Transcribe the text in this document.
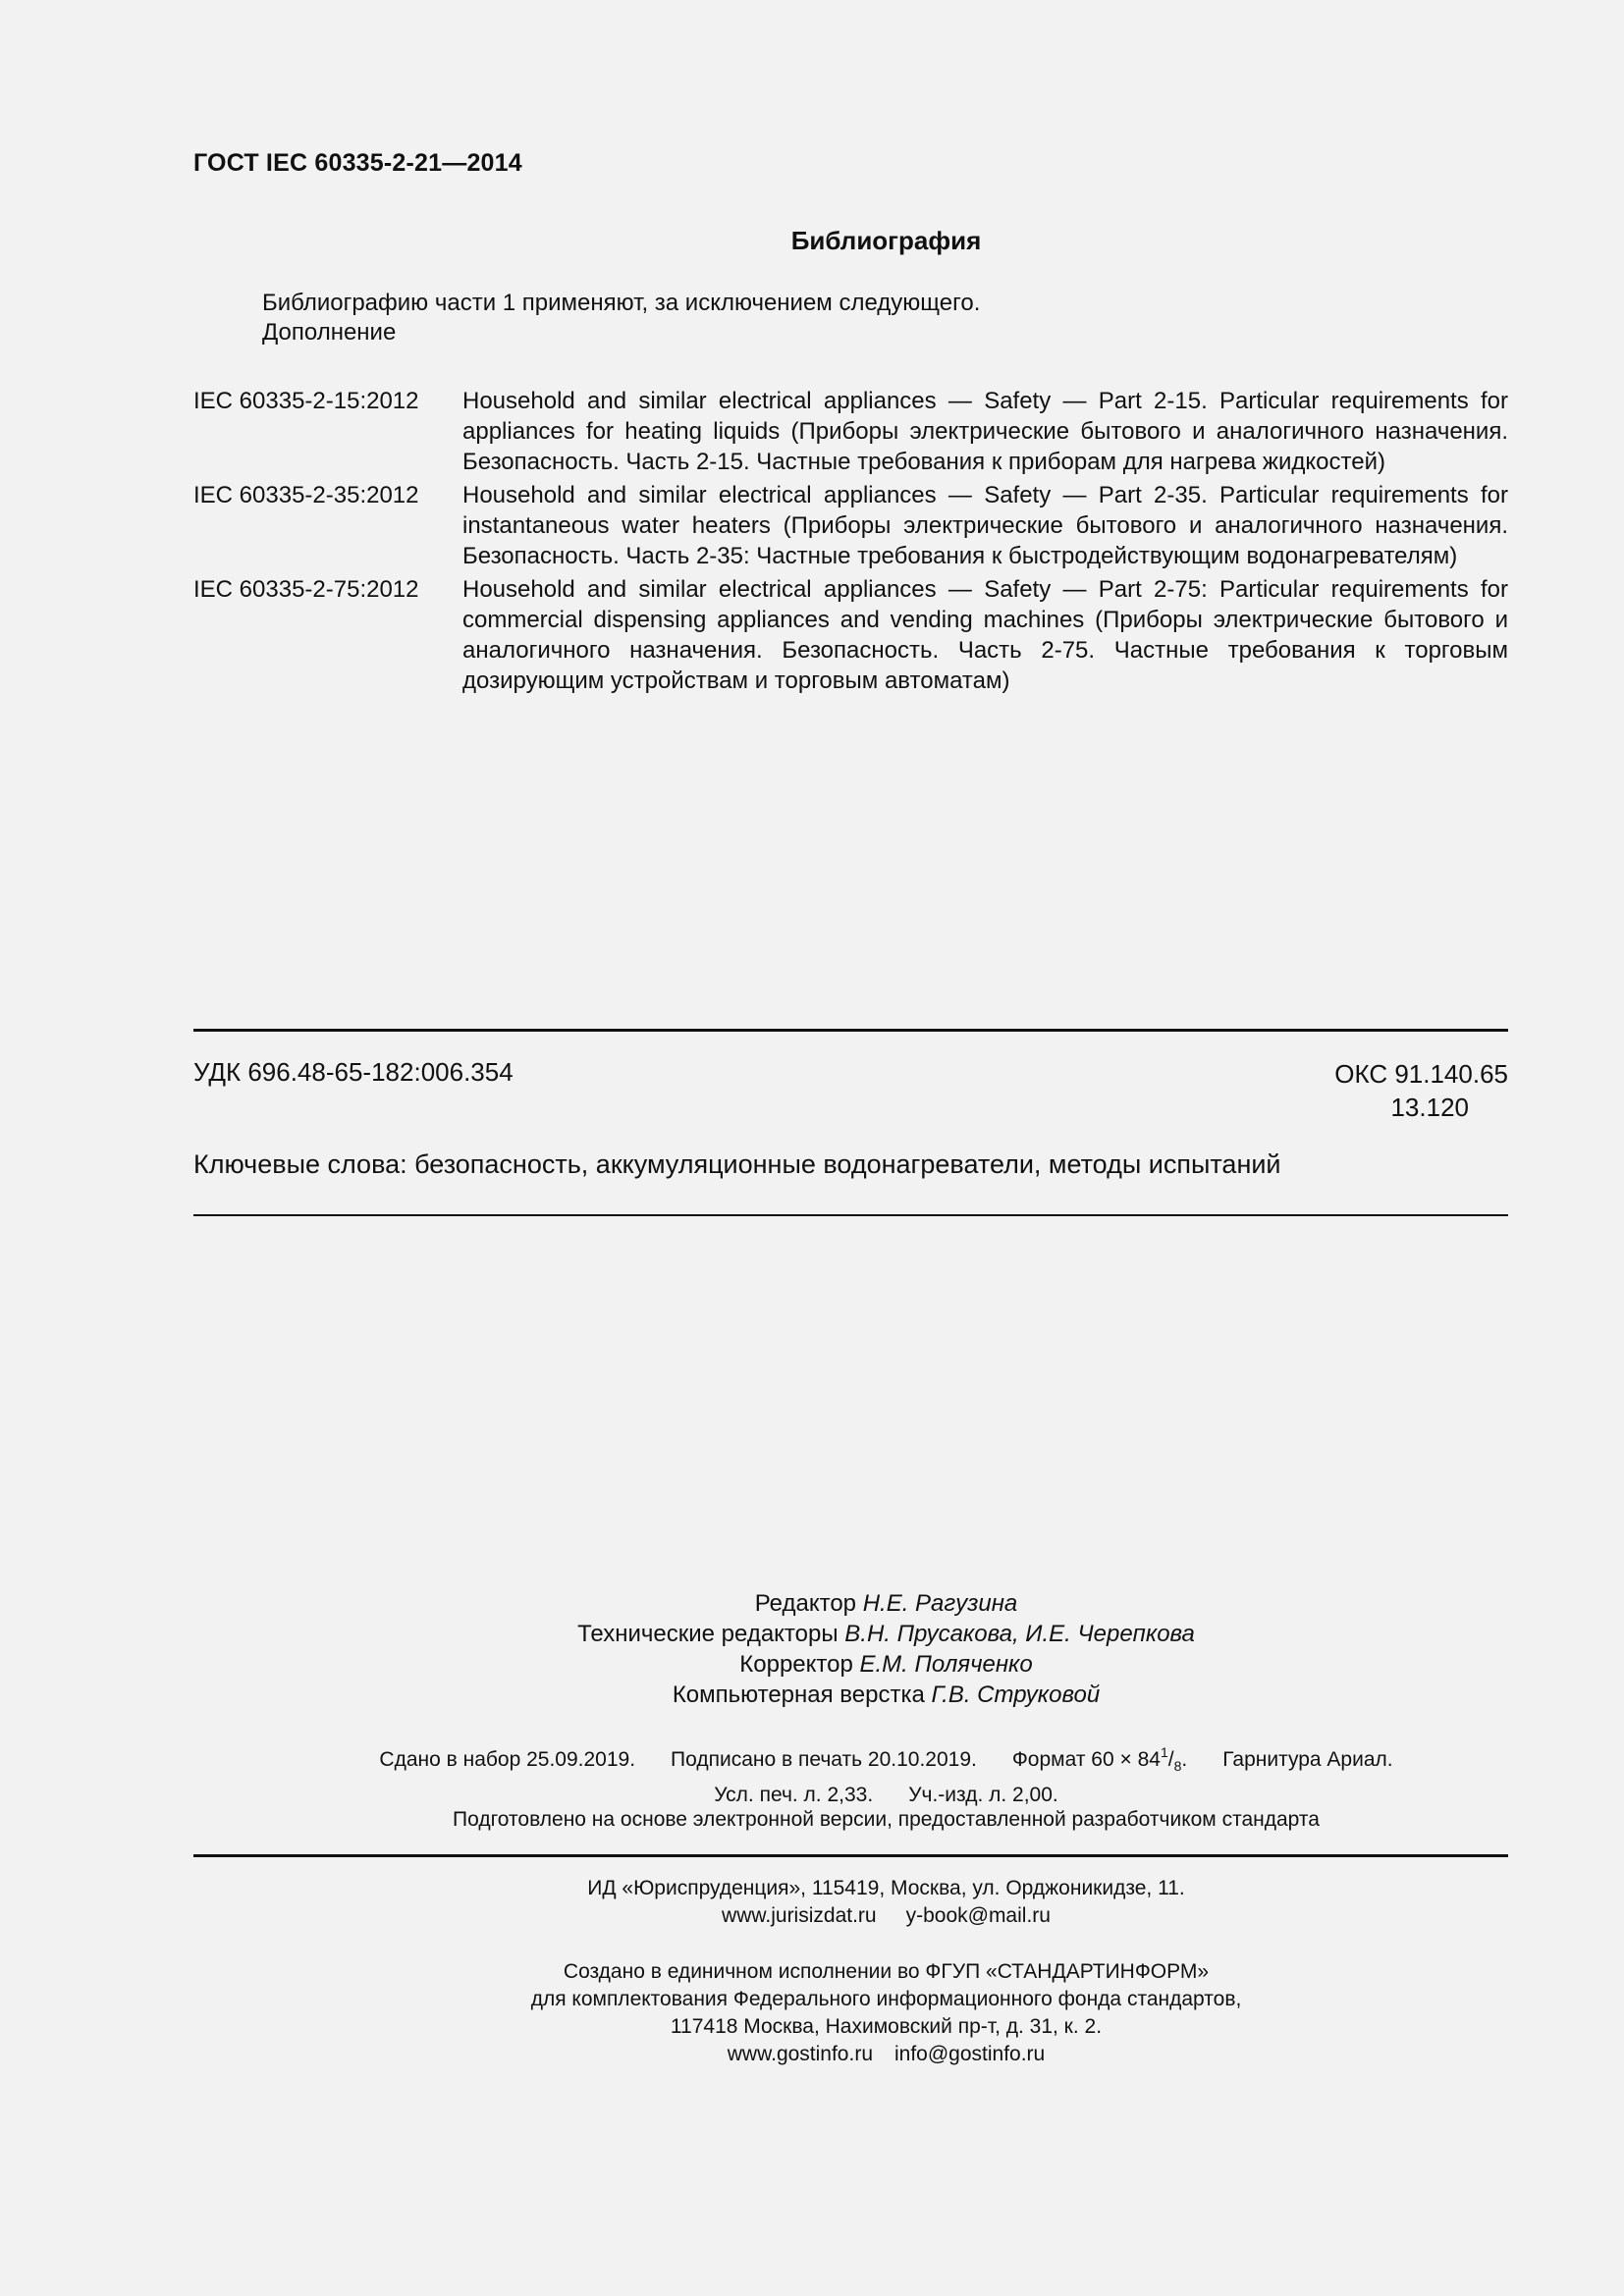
ГОСТ IEC 60335-2-21—2014
Библиография
Библиографию части 1 применяют, за исключением следующего.
Дополнение
IEC 60335-2-15:2012	Household and similar electrical appliances — Safety — Part 2-15. Particular requirements for appliances for heating liquids (Приборы электрические бытового и аналогичного назначения. Безопасность. Часть 2-15. Частные требования к приборам для нагрева жидкостей)
IEC 60335-2-35:2012	Household and similar electrical appliances — Safety — Part 2-35. Particular requirements for instantaneous water heaters (Приборы электрические бытового и аналогичного назначения. Безопасность. Часть 2-35: Частные требования к быстродействующим водонагревателям)
IEC 60335-2-75:2012	Household and similar electrical appliances — Safety — Part 2-75: Particular requirements for commercial dispensing appliances and vending machines (Приборы электрические бытового и аналогичного назначения. Безопасность. Часть 2-75. Частные требования к торговым дозирующим устройствам и торговым автоматам)
УДК 696.48-65-182:006.354	ОКС 91.140.65
13.120
Ключевые слова: безопасность, аккумуляционные водонагреватели, методы испытаний
Редактор Н.Е. Рагузина
Технические редакторы В.Н. Прусакова, И.Е. Черепкова
Корректор Е.М. Поляченко
Компьютерная верстка Г.В. Струковой
Сдано в набор 25.09.2019. Подписано в печать 20.10.2019. Формат $60 \times 84^1/_8$. Гарнитура Ариал.
Усл. печ. л. 2,33. Уч.-изд. л. 2,00.
Подготовлено на основе электронной версии, предоставленной разработчиком стандарта
ИД «Юриспруденция», 115419, Москва, ул. Орджоникидзе, 11.
www.jurisizdat.ru y-book@mail.ru
Создано в единичном исполнении во ФГУП «СТАНДАРТИНФОРМ»
для комплектования Федерального информационного фонда стандартов,
117418 Москва, Нахимовский пр-т, д. 31, к. 2.
www.gostinfo.ru info@gostinfo.ru
